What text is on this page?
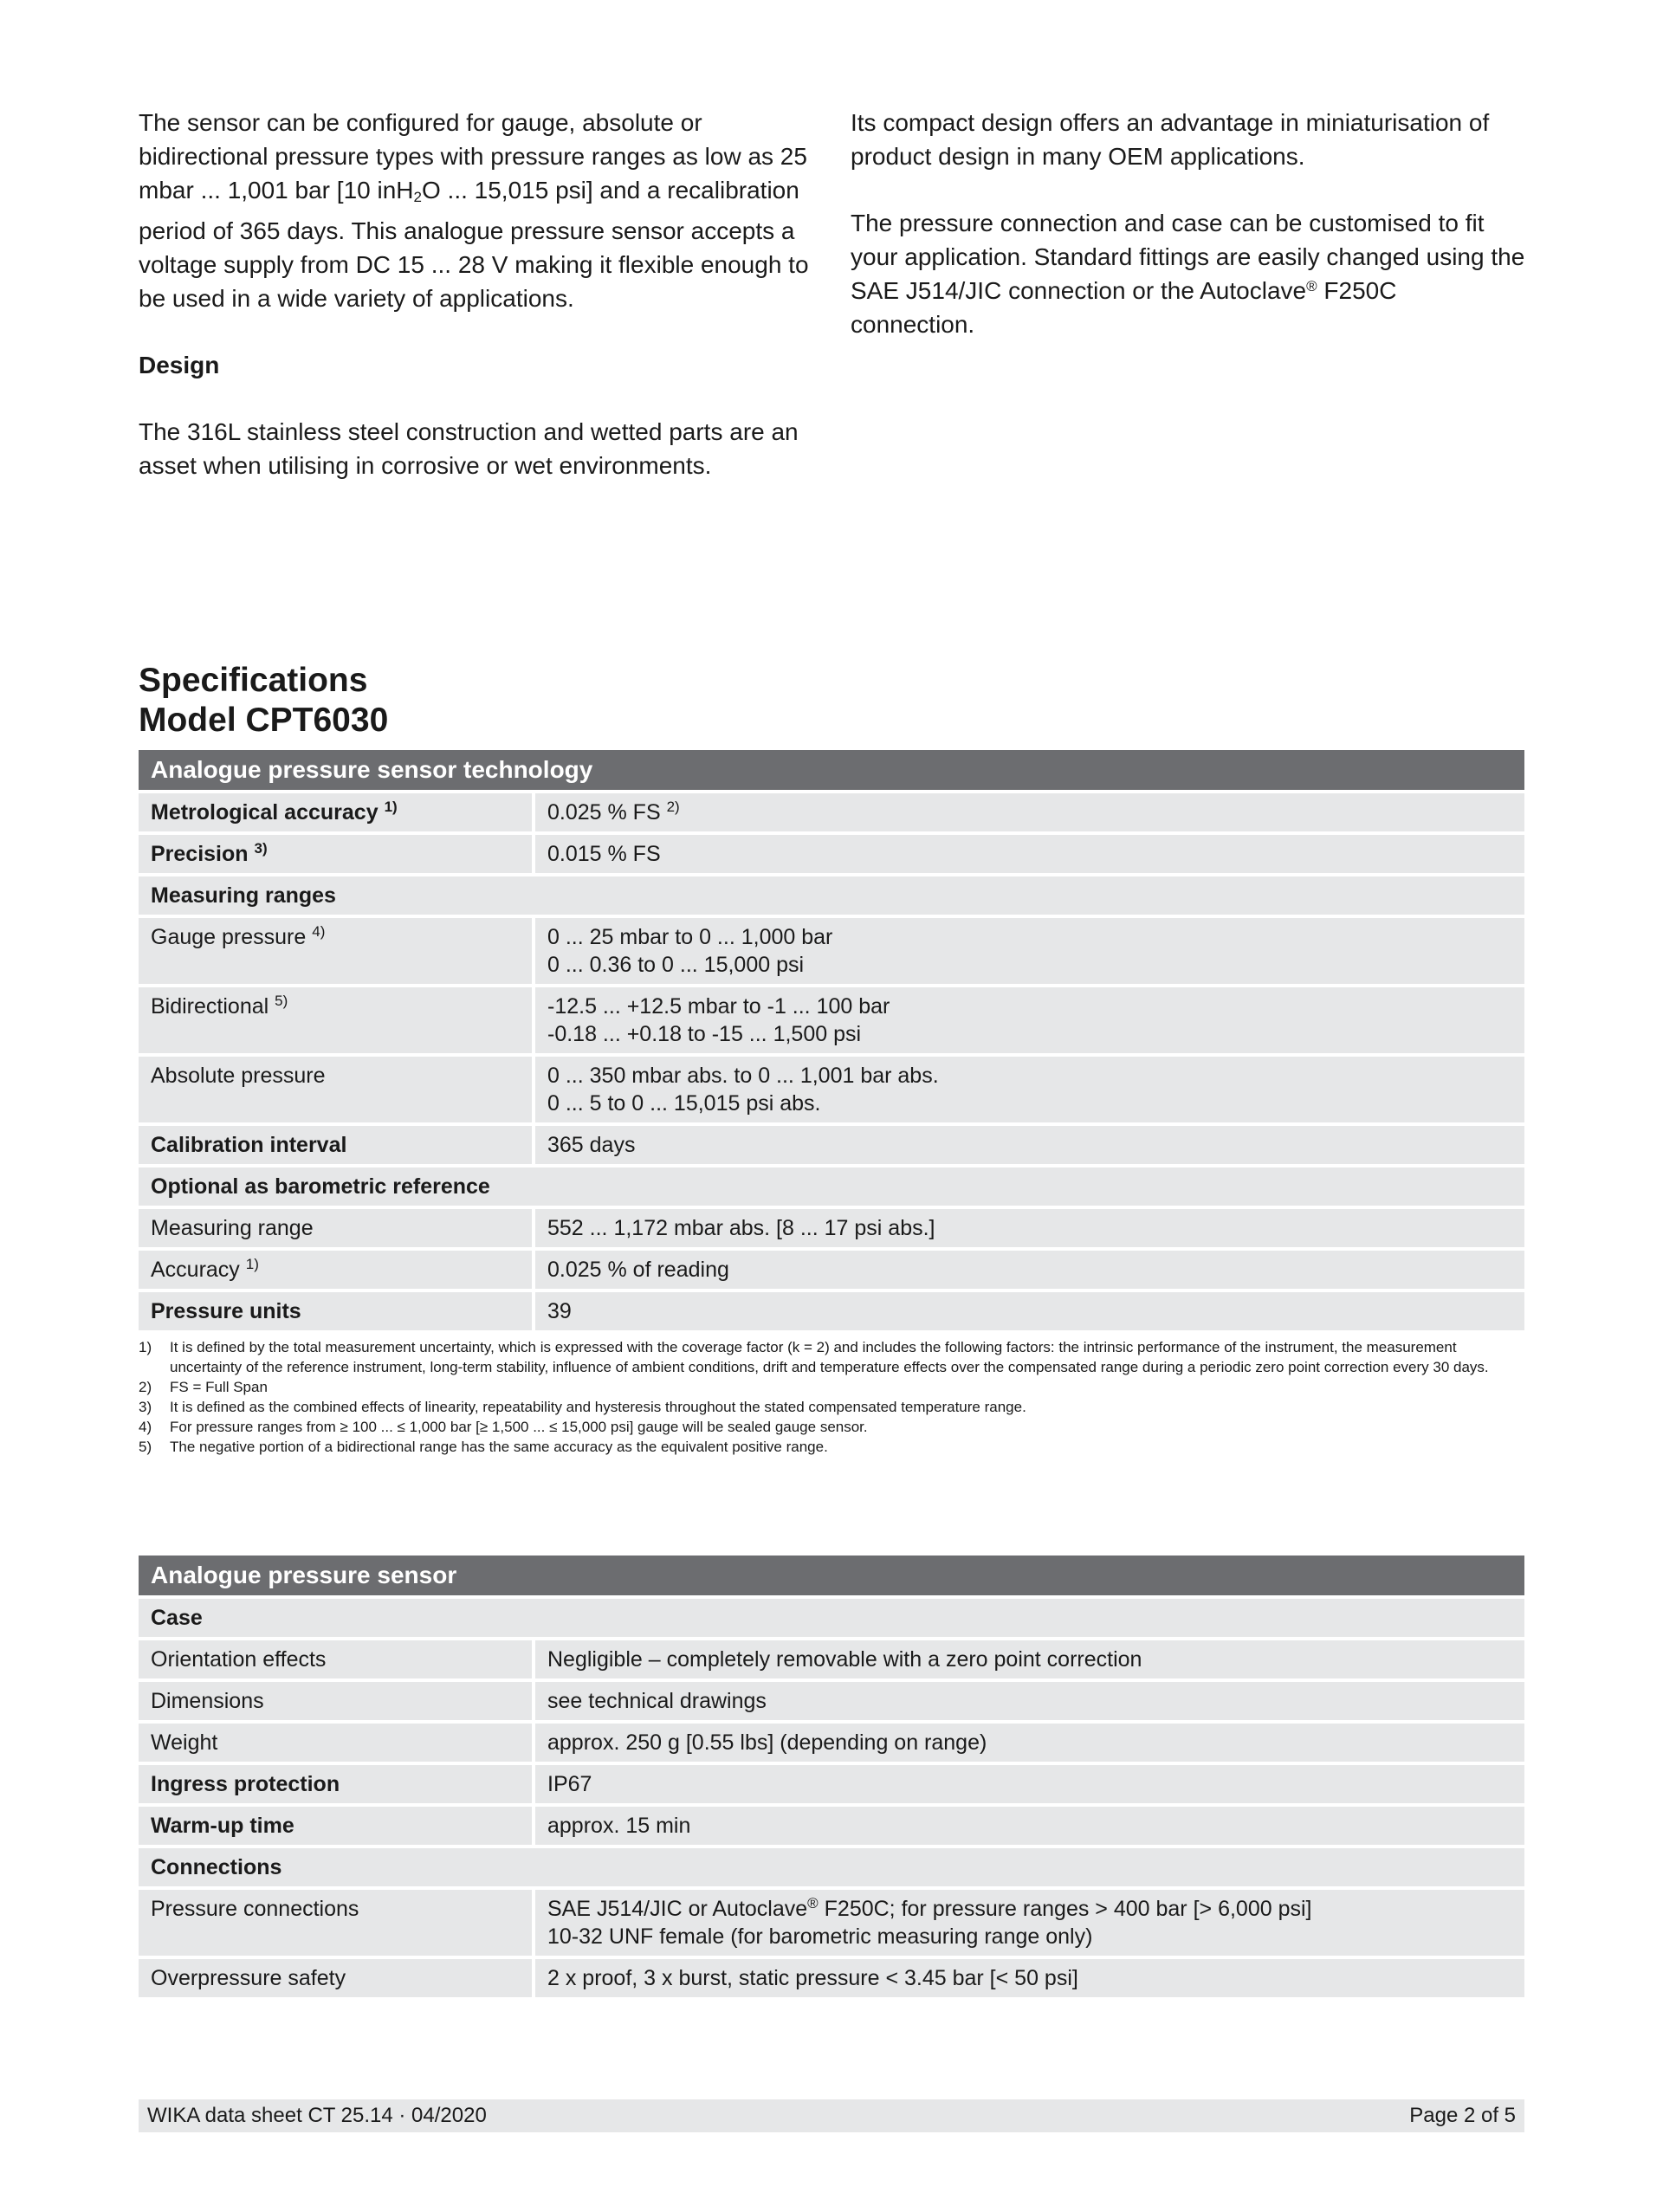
The sensor can be configured for gauge, absolute or bidirectional pressure types with pressure ranges as low as 25 mbar ... 1,001 bar [10 inH$_2$O ... 15,015 psi] and a recalibration period of 365 days. This analogue pressure sensor accepts a voltage supply from DC 15 ... 28 V making it flexible enough to be used in a wide variety of applications.

Design

The 316L stainless steel construction and wetted parts are an asset when utilising in corrosive or wet environments.

Its compact design offers an advantage in miniaturisation of product design in many OEM applications.

The pressure connection and case can be customised to fit your application. Standard fittings are easily changed using the SAE J514/JIC connection or the Autoclave® F250C connection.

Specifications
Model CPT6030
Analogue pressure sensor technology	
Metrological accuracy $^{1)}$	0.025 % FS $^{2)}$
Precision $^{3)}$	0.015 % FS
Measuring ranges	
Gauge pressure $^{4)}$	0 ... 25 mbar to 0 ... 1,000 bar
0 ... 0.36 to 0 ... 15,000 psi
Bidirectional $^{5)}$	-12.5 ... +12.5 mbar to -1 ... 100 bar
-0.18 ... +0.18 to -15 ... 1,500 psi
Absolute pressure	0 ... 350 mbar abs. to 0 ... 1,001 bar abs.
0 ... 5 to 0 ... 15,015 psi abs.
Calibration interval	365 days
Optional as barometric reference	
Measuring range	552 ... 1,172 mbar abs. [8 ... 17 psi abs.]
Accuracy $^{1)}$	0.025 % of reading
Pressure units	39
1)	It is defined by the total measurement uncertainty, which is expressed with the coverage factor (k = 2) and includes the following factors: the intrinsic performance of the instrument, the measurement uncertainty of the reference instrument, long-term stability, influence of ambient conditions, drift and temperature effects over the compensated range during a periodic zero point correction every 30 days.
2)	FS = Full Span
3)	It is defined as the combined effects of linearity, repeatability and hysteresis throughout the stated compensated temperature range.
4)	For pressure ranges from ≥ 100 ... ≤ 1,000 bar [≥ 1,500 ... ≤ 15,000 psi] gauge will be sealed gauge sensor.
5)	The negative portion of a bidirectional range has the same accuracy as the equivalent positive range.
Analogue pressure sensor	
Case	
Orientation effects	Negligible – completely removable with a zero point correction
Dimensions	see technical drawings
Weight	approx. 250 g [0.55 lbs] (depending on range)
Ingress protection	IP67
Warm-up time	approx. 15 min
Connections	
Pressure connections	SAE J514/JIC or Autoclave® F250C; for pressure ranges > 400 bar [> 6,000 psi]
10-32 UNF female (for barometric measuring range only)
Overpressure safety	2 x proof, 3 x burst, static pressure < 3.45 bar [< 50 psi]
WIKA data sheet CT 25.14 · 04/2020	Page 2 of 5
